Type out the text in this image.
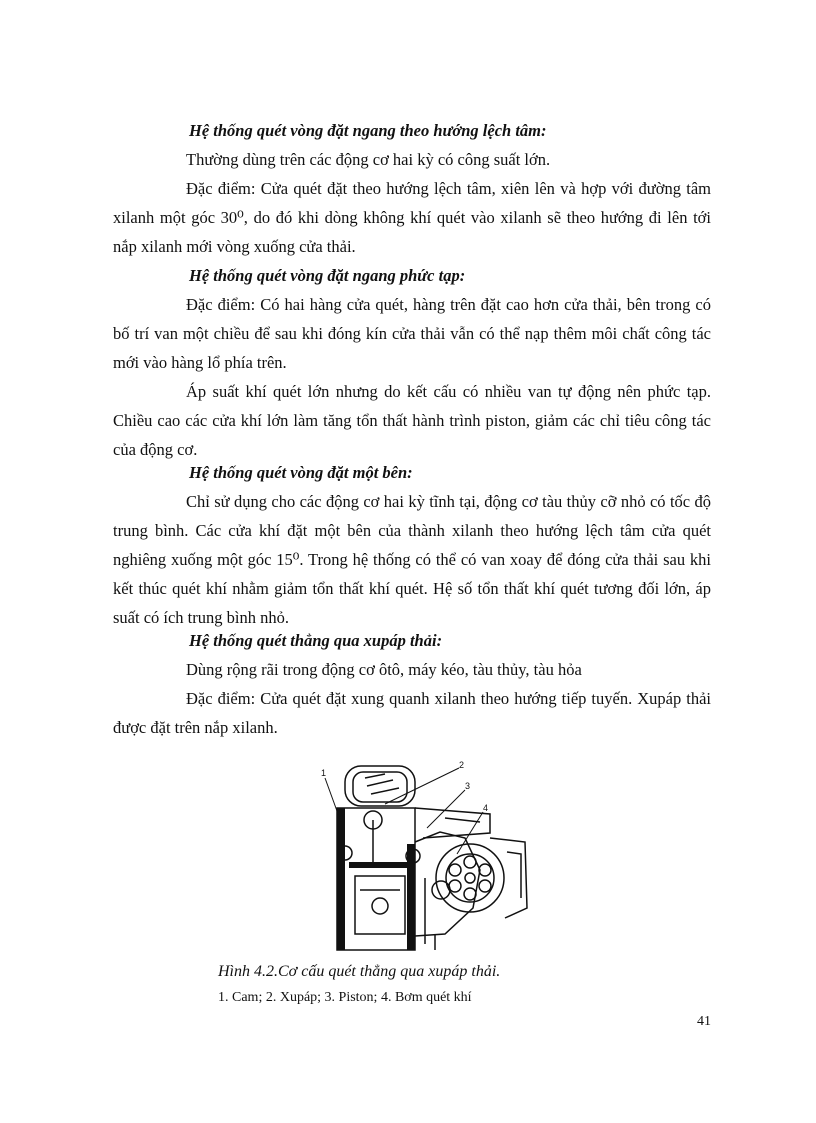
Hệ thống quét vòng đặt ngang theo hướng lệch tâm:

Thường dùng trên các động cơ hai kỳ có công suất lớn.

Đặc điểm: Cửa quét đặt theo hướng lệch tâm, xiên lên và hợp với đường tâm xilanh một góc 30⁰, do đó khi dòng không khí quét vào xilanh sẽ theo hướng đi lên tới nắp xilanh mới vòng xuống cửa thải.

Hệ thống quét vòng đặt ngang phức tạp:

Đặc điểm: Có hai hàng cửa quét, hàng trên đặt cao hơn cửa thải, bên trong có bố trí van một chiều để sau khi đóng kín cửa thải vẫn có thể nạp thêm môi chất công tác mới vào hàng lổ phía trên.

Áp suất khí quét lớn nhưng do kết cấu có nhiều van tự động nên phức tạp. Chiều cao các cửa khí lớn làm tăng tổn thất hành trình piston, giảm các chỉ tiêu công tác của động cơ.

Hệ thống quét vòng đặt một bên:

Chỉ sử dụng cho các động cơ hai kỳ tĩnh tại, động cơ tàu thủy cỡ nhỏ có tốc độ trung bình. Các cửa khí đặt một bên của thành xilanh theo hướng lệch tâm cửa quét nghiêng xuống một góc 15⁰. Trong hệ thống có thể có van xoay để đóng cửa thải sau khi kết thúc quét khí nhằm giảm tổn thất khí quét. Hệ số tổn thất khí quét tương đối lớn, áp suất có ích trung bình nhỏ.

Hệ thống quét thẳng qua xupáp thải:

Dùng rộng rãi trong động cơ ôtô, máy kéo, tàu thủy, tàu hỏa

Đặc điểm: Cửa quét đặt xung quanh xilanh theo hướng tiếp tuyến. Xupáp thải được đặt trên nắp xilanh.

1
2
3
4
Hình 4.2.Cơ cấu quét thẳng qua xupáp thải.
1. Cam; 2. Xupáp; 3. Piston; 4. Bơm quét khí
41
